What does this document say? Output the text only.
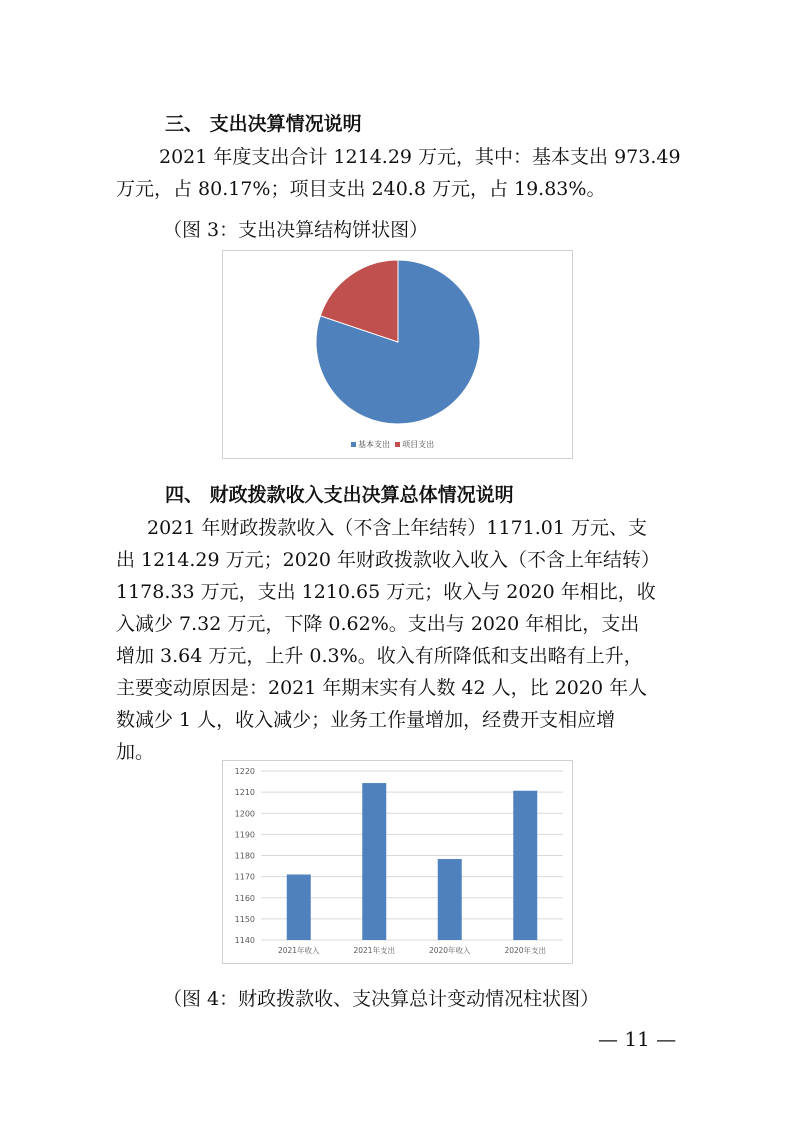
三、 支出决算情况说明
2021 年度支出合计 1214.29 万元，其中：基本支出 973.49
万元，占 80.17%；项目支出 240.8 万元，占 19.83%。
（图 3：支出决算结构饼状图）
基本支出 项目支出
四、 财政拨款收入支出决算总体情况说明
2021 年财政拨款收入（不含上年结转）1171.01 万元、支
出 1214.29 万元；2020 年财政拨款收入收入（不含上年结转）
1178.33 万元，支出 1210.65 万元；收入与 2020 年相比，收
入减少 7.32 万元，下降 0.62%。支出与 2020 年相比，支出
增加 3.64 万元，上升 0.3%。收入有所降低和支出略有上升，
主要变动原因是：2021 年期末实有人数 42 人，比 2020 年人
数减少 1 人，收入减少；业务工作量增加，经费开支相应增
加。
1140
1150
1160
1170
1180
1190
1200
1210
1220
2021年收入	2021年支出	2020年收入	2020年支出
（图 4：财政拨款收、支决算总计变动情况柱状图）
— 11 —
